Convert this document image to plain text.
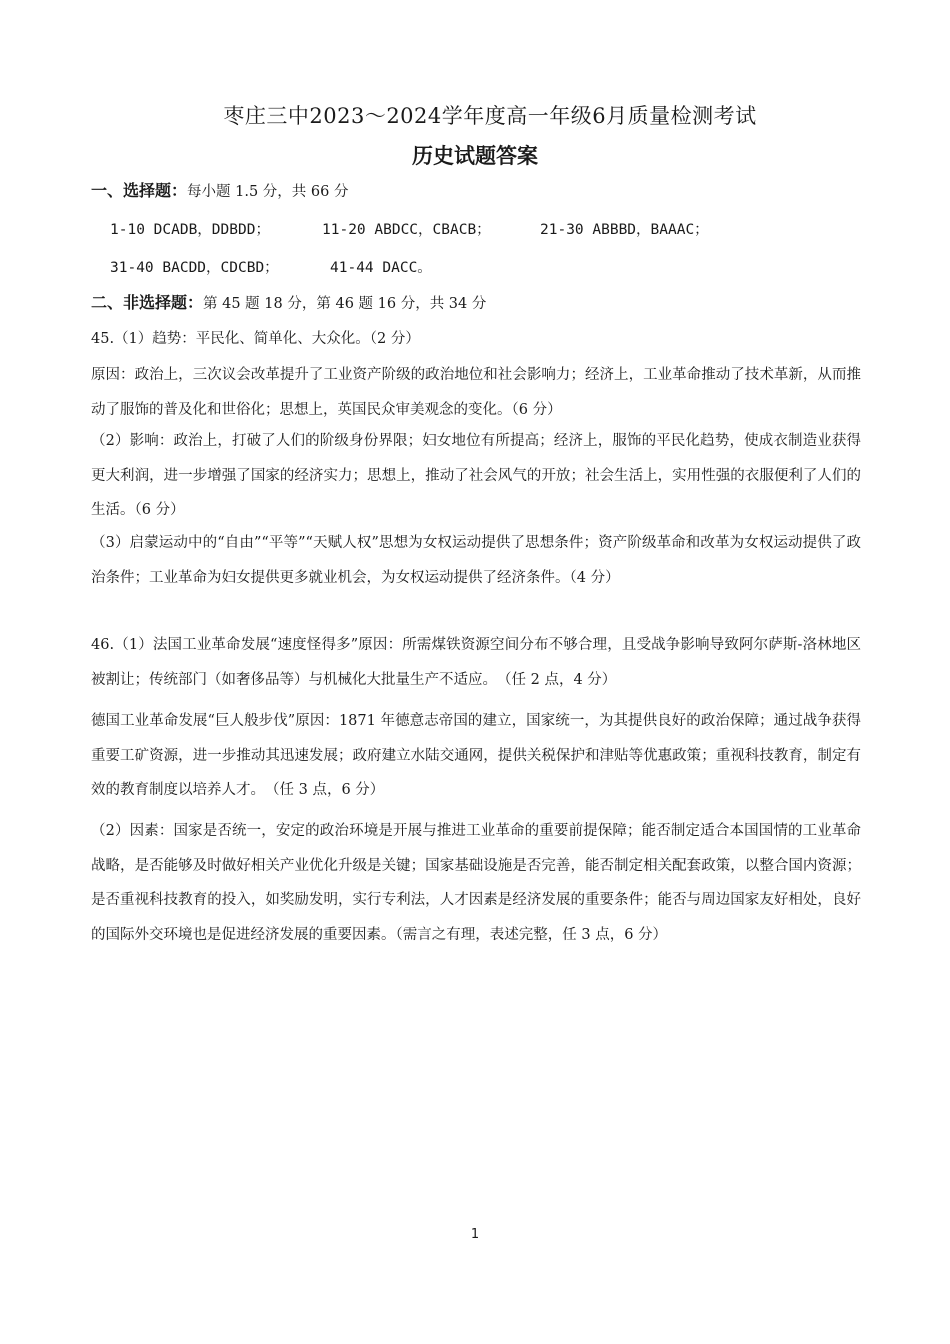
枣庄三中2023～2024学年度高一年级6月质量检测考试
历史试题答案
一、选择题：每小题 1.5 分，共 66 分
1-10 DCADB，DDBDD；	11-20 ABDCC，CBACB；	21-30 ABBBD，BAAAC；
31-40 BACDD，CDCBD；	41-44 DACC。
二、非选择题：第 45 题 18 分，第 46 题 16 分，共 34 分
45.（1）趋势：平民化、简单化、大众化。（2 分）
原因：政治上，三次议会改革提升了工业资产阶级的政治地位和社会影响力；经济上，工业革命推动了技术革新，从而推动了服饰的普及化和世俗化；思想上，英国民众审美观念的变化。（6 分）
（2）影响：政治上，打破了人们的阶级身份界限；妇女地位有所提高；经济上，服饰的平民化趋势，使成衣制造业获得更大利润，进一步增强了国家的经济实力；思想上，推动了社会风气的开放；社会生活上，实用性强的衣服便利了人们的生活。（6 分）
（3）启蒙运动中的“自由”“平等”“天赋人权”思想为女权运动提供了思想条件；资产阶级革命和改革为女权运动提供了政治条件；工业革命为妇女提供更多就业机会，为女权运动提供了经济条件。（4 分）
46.（1）法国工业革命发展“速度怪得多”原因：所需煤铁资源空间分布不够合理，且受战争影响导致阿尔萨斯-洛林地区被割让；传统部门（如奢侈品等）与机械化大批量生产不适应。　（任 2 点，4 分）
德国工业革命发展“巨人般步伐”原因：1871 年德意志帝国的建立，国家统一，为其提供良好的政治保障；通过战争获得重要工矿资源，进一步推动其迅速发展；政府建立水陆交通网，提供关税保护和津贴等优惠政策；重视科技教育，制定有效的教育制度以培养人才。　（任 3 点，6 分）
（2）因素：国家是否统一，安定的政治环境是开展与推进工业革命的重要前提保障；能否制定适合本国国情的工业革命战略，是否能够及时做好相关产业优化升级是关键；国家基础设施是否完善，能否制定相关配套政策，以整合国内资源；是否重视科技教育的投入，如奖励发明，实行专利法，人才因素是经济发展的重要条件；能否与周边国家友好相处，良好的国际外交环境也是促进经济发展的重要因素。（需言之有理，表述完整，任 3 点，6 分）
1
